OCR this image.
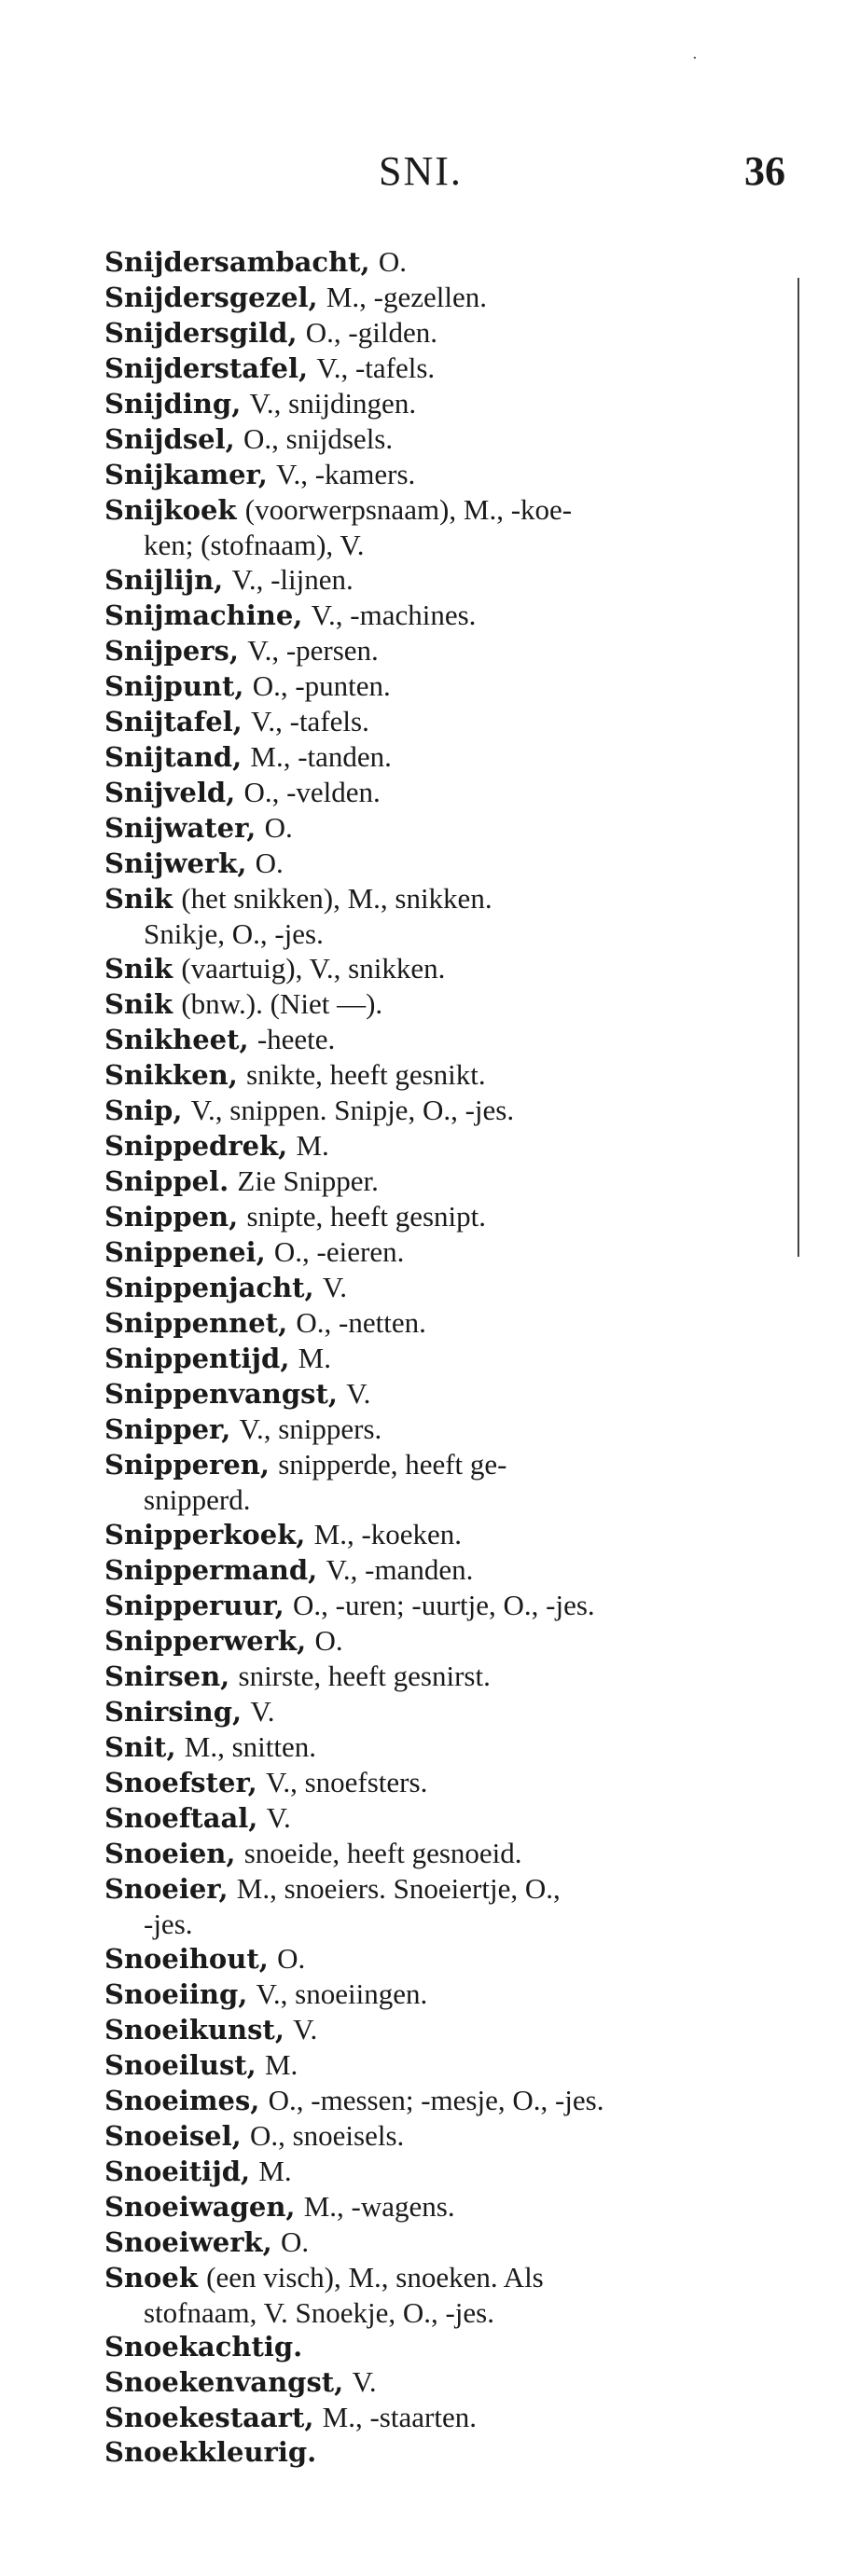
SNI.	36
·
Snijdersambacht, O.
Snijdersgezel, M., -gezellen.
Snijdersgild, O., -gilden.
Snijderstafel, V., -tafels.
Snijding, V., snijdingen.
Snijdsel, O., snijdsels.
Snijkamer, V., -kamers.
Snijkoek (voorwerpsnaam), M., -koe-
ken; (stofnaam), V.
Snijlijn, V., -lijnen.
Snijmachine, V., -machines.
Snijpers, V., -persen.
Snijpunt, O., -punten.
Snijtafel, V., -tafels.
Snijtand, M., -tanden.
Snijveld, O., -velden.
Snijwater, O.
Snijwerk, O.
Snik (het snikken), M., snikken.
Snikje, O., -jes.
Snik (vaartuig), V., snikken.
Snik (bnw.). (Niet —).
Snikheet, -heete.
Snikken, snikte, heeft gesnikt.
Snip, V., snippen. Snipje, O., -jes.
Snippedrek, M.
Snippel. Zie Snipper.
Snippen, snipte, heeft gesnipt.
Snippenei, O., -eieren.
Snippenjacht, V.
Snippennet, O., -netten.
Snippentijd, M.
Snippenvangst, V.
Snipper, V., snippers.
Snipperen, snipperde, heeft ge-
snipperd.
Snipperkoek, M., -koeken.
Snippermand, V., -manden.
Snipperuur, O., -uren; -uurtje, O., -jes.
Snipperwerk, O.
Snirsen, snirste, heeft gesnirst.
Snirsing, V.
Snit, M., snitten.
Snoefster, V., snoefsters.
Snoeftaal, V.
Snoeien, snoeide, heeft gesnoeid.
Snoeier, M., snoeiers. Snoeiertje, O.,
-jes.
Snoeihout, O.
Snoeiing, V., snoeiingen.
Snoeikunst, V.
Snoeilust, M.
Snoeimes, O., -messen; -mesje, O., -jes.
Snoeisel, O., snoeisels.
Snoeitijd, M.
Snoeiwagen, M., -wagens.
Snoeiwerk, O.
Snoek (een visch), M., snoeken. Als
stofnaam, V. Snoekje, O., -jes.
Snoekachtig.
Snoekenvangst, V.
Snoekestaart, M., -staarten.
Snoekkleurig.
